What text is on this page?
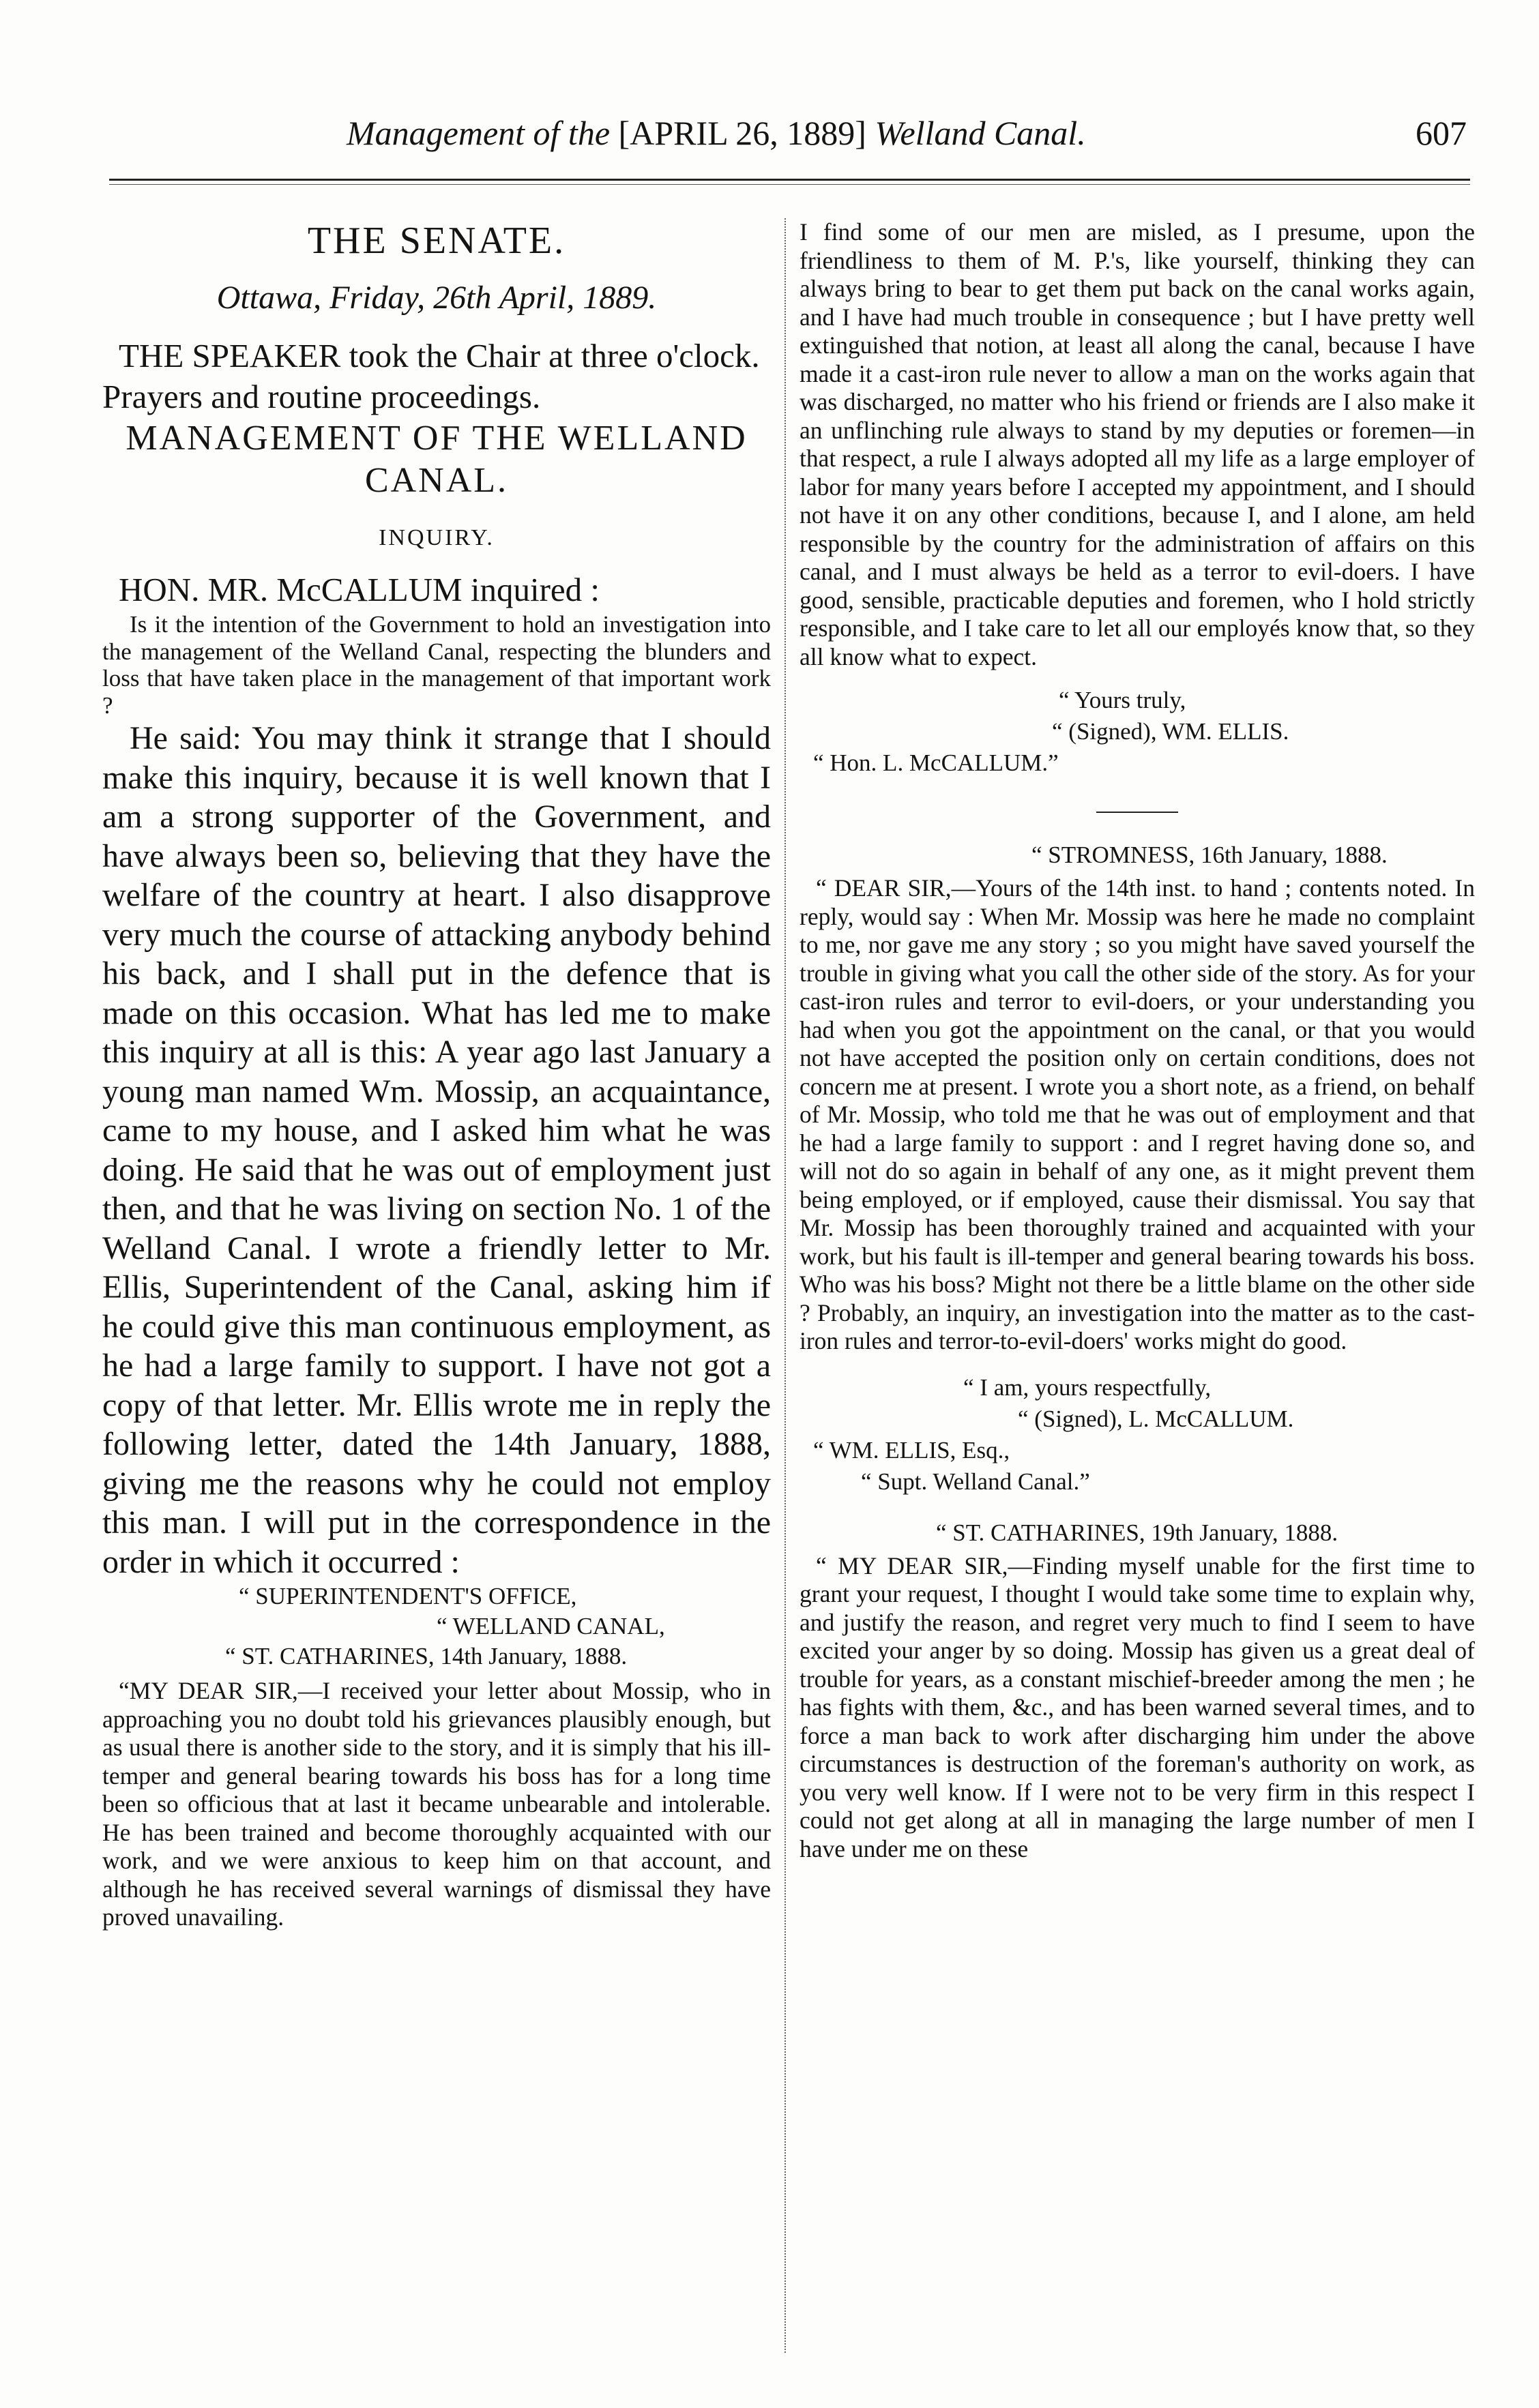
Management of the [APRIL 26, 1889] Welland Canal.	607
THE SENATE.
Ottawa, Friday, 26th April, 1889.

THE SPEAKER took the Chair at three o'clock.

Prayers and routine proceedings.

MANAGEMENT OF THE WELLAND CANAL.
INQUIRY.

HON. MR. McCALLUM inquired :

Is it the intention of the Government to hold an investigation into the management of the Welland Canal, respecting the blunders and loss that have taken place in the management of that important work ?

He said: You may think it strange that I should make this inquiry, because it is well known that I am a strong supporter of the Government, and have always been so, believing that they have the welfare of the country at heart. I also disapprove very much the course of attacking anybody behind his back, and I shall put in the defence that is made on this occasion. What has led me to make this inquiry at all is this: A year ago last January a young man named Wm. Mossip, an acquaintance, came to my house, and I asked him what he was doing. He said that he was out of employment just then, and that he was living on section No. 1 of the Welland Canal. I wrote a friendly letter to Mr. Ellis, Superintendent of the Canal, asking him if he could give this man continuous employment, as he had a large family to support. I have not got a copy of that letter. Mr. Ellis wrote me in reply the following letter, dated the 14th January, 1888, giving me the reasons why he could not employ this man. I will put in the correspondence in the order in which it occurred :

“ SUPERINTENDENT'S OFFICE,
“ WELLAND CANAL,
“ ST. CATHARINES, 14th January, 1888.

“MY DEAR SIR,—I received your letter about Mossip, who in approaching you no doubt told his grievances plausibly enough, but as usual there is another side to the story, and it is simply that his ill-temper and general bearing towards his boss has for a long time been so officious that at last it became unbearable and intolerable. He has been trained and become thoroughly acquainted with our work, and we were anxious to keep him on that account, and although he has received several warnings of dismissal they have proved unavailing.

I find some of our men are misled, as I presume, upon the friendliness to them of M. P.'s, like yourself, thinking they can always bring to bear to get them put back on the canal works again, and I have had much trouble in consequence ; but I have pretty well extinguished that notion, at least all along the canal, because I have made it a cast-iron rule never to allow a man on the works again that was discharged, no matter who his friend or friends are I also make it an unflinching rule always to stand by my deputies or foremen—in that respect, a rule I always adopted all my life as a large employer of labor for many years before I accepted my appointment, and I should not have it on any other conditions, because I, and I alone, am held responsible by the country for the administration of affairs on this canal, and I must always be held as a terror to evil-doers. I have good, sensible, practicable deputies and foremen, who I hold strictly responsible, and I take care to let all our employés know that, so they all know what to expect.

“ Yours truly,
“ (Signed), WM. ELLIS.
“ Hon. L. McCALLUM.”
“ STROMNESS, 16th January, 1888.

“ DEAR SIR,—Yours of the 14th inst. to hand ; contents noted. In reply, would say : When Mr. Mossip was here he made no complaint to me, nor gave me any story ; so you might have saved yourself the trouble in giving what you call the other side of the story. As for your cast-iron rules and terror to evil-doers, or your understanding you had when you got the appointment on the canal, or that you would not have accepted the position only on certain conditions, does not concern me at present. I wrote you a short note, as a friend, on behalf of Mr. Mossip, who told me that he was out of employment and that he had a large family to support : and I regret having done so, and will not do so again in behalf of any one, as it might prevent them being employed, or if employed, cause their dismissal. You say that Mr. Mossip has been thoroughly trained and acquainted with your work, but his fault is ill-temper and general bearing towards his boss. Who was his boss? Might not there be a little blame on the other side ? Probably, an inquiry, an investigation into the matter as to the cast-iron rules and terror-to-evil-doers' works might do good.

“ I am, yours respectfully,
“ (Signed), L. McCALLUM.
“ WM. ELLIS, Esq.,
“ Supt. Welland Canal.”
“ ST. CATHARINES, 19th January, 1888.

“ MY DEAR SIR,—Finding myself unable for the first time to grant your request, I thought I would take some time to explain why, and justify the reason, and regret very much to find I seem to have excited your anger by so doing. Mossip has given us a great deal of trouble for years, as a constant mischief-breeder among the men ; he has fights with them, &c., and has been warned several times, and to force a man back to work after discharging him under the above circumstances is destruction of the foreman's authority on work, as you very well know. If I were not to be very firm in this respect I could not get along at all in managing the large number of men I have under me on these
